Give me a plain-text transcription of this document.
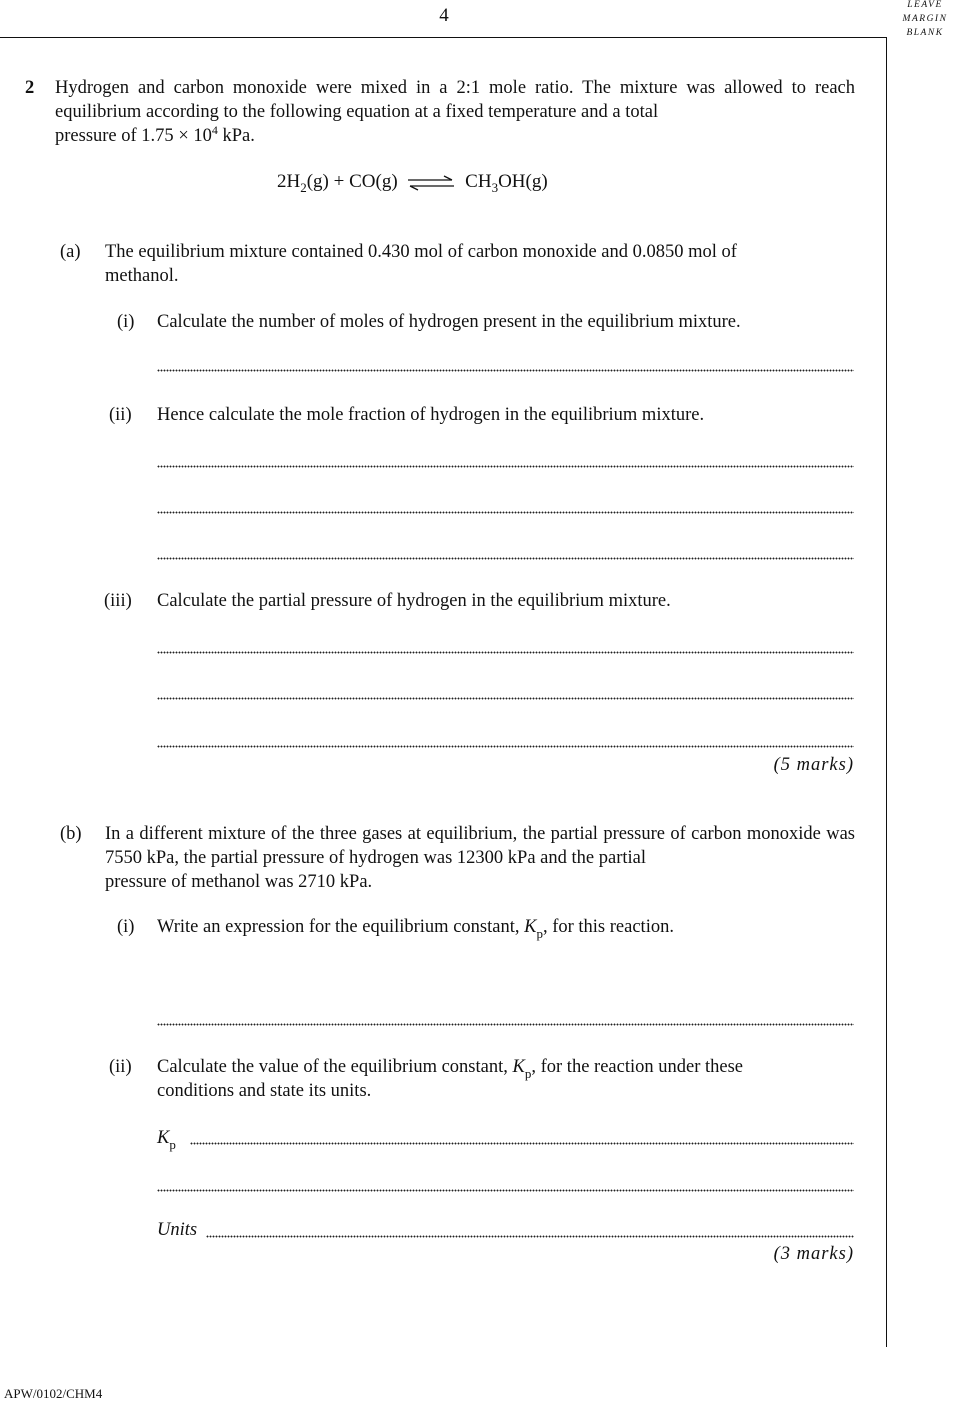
4	LEAVE
MARGIN
BLANK
2 Hydrogen and carbon monoxide were mixed in a 2:1 mole ratio. The mixture was allowed to reach equilibrium according to the following equation at a fixed temperature and a total
pressure of $1.75 \times 10^4$ kPa.
$2H_2(g) + CO(g)$ ⇌ $CH_3OH(g)$
(a)	The equilibrium mixture contained 0.430 mol of carbon monoxide and 0.0850 mol of
methanol.
(i) Calculate the number of moles of hydrogen present in the equilibrium mixture.
(ii) Hence calculate the mole fraction of hydrogen in the equilibrium mixture.
(iii) Calculate the partial pressure of hydrogen in the equilibrium mixture.
(5 marks)
(b)	In a different mixture of the three gases at equilibrium, the partial pressure of carbon monoxide was 7550 kPa, the partial pressure of hydrogen was 12300 kPa and the partial
pressure of methanol was 2710 kPa.
(i) Write an expression for the equilibrium constant, $K_p$, for this reaction.
(ii) Calculate the value of the equilibrium constant, $K_p$, for the reaction under these
conditions and state its units.
$K_p$
Units
(3 marks)
APW/0102/CHM4
